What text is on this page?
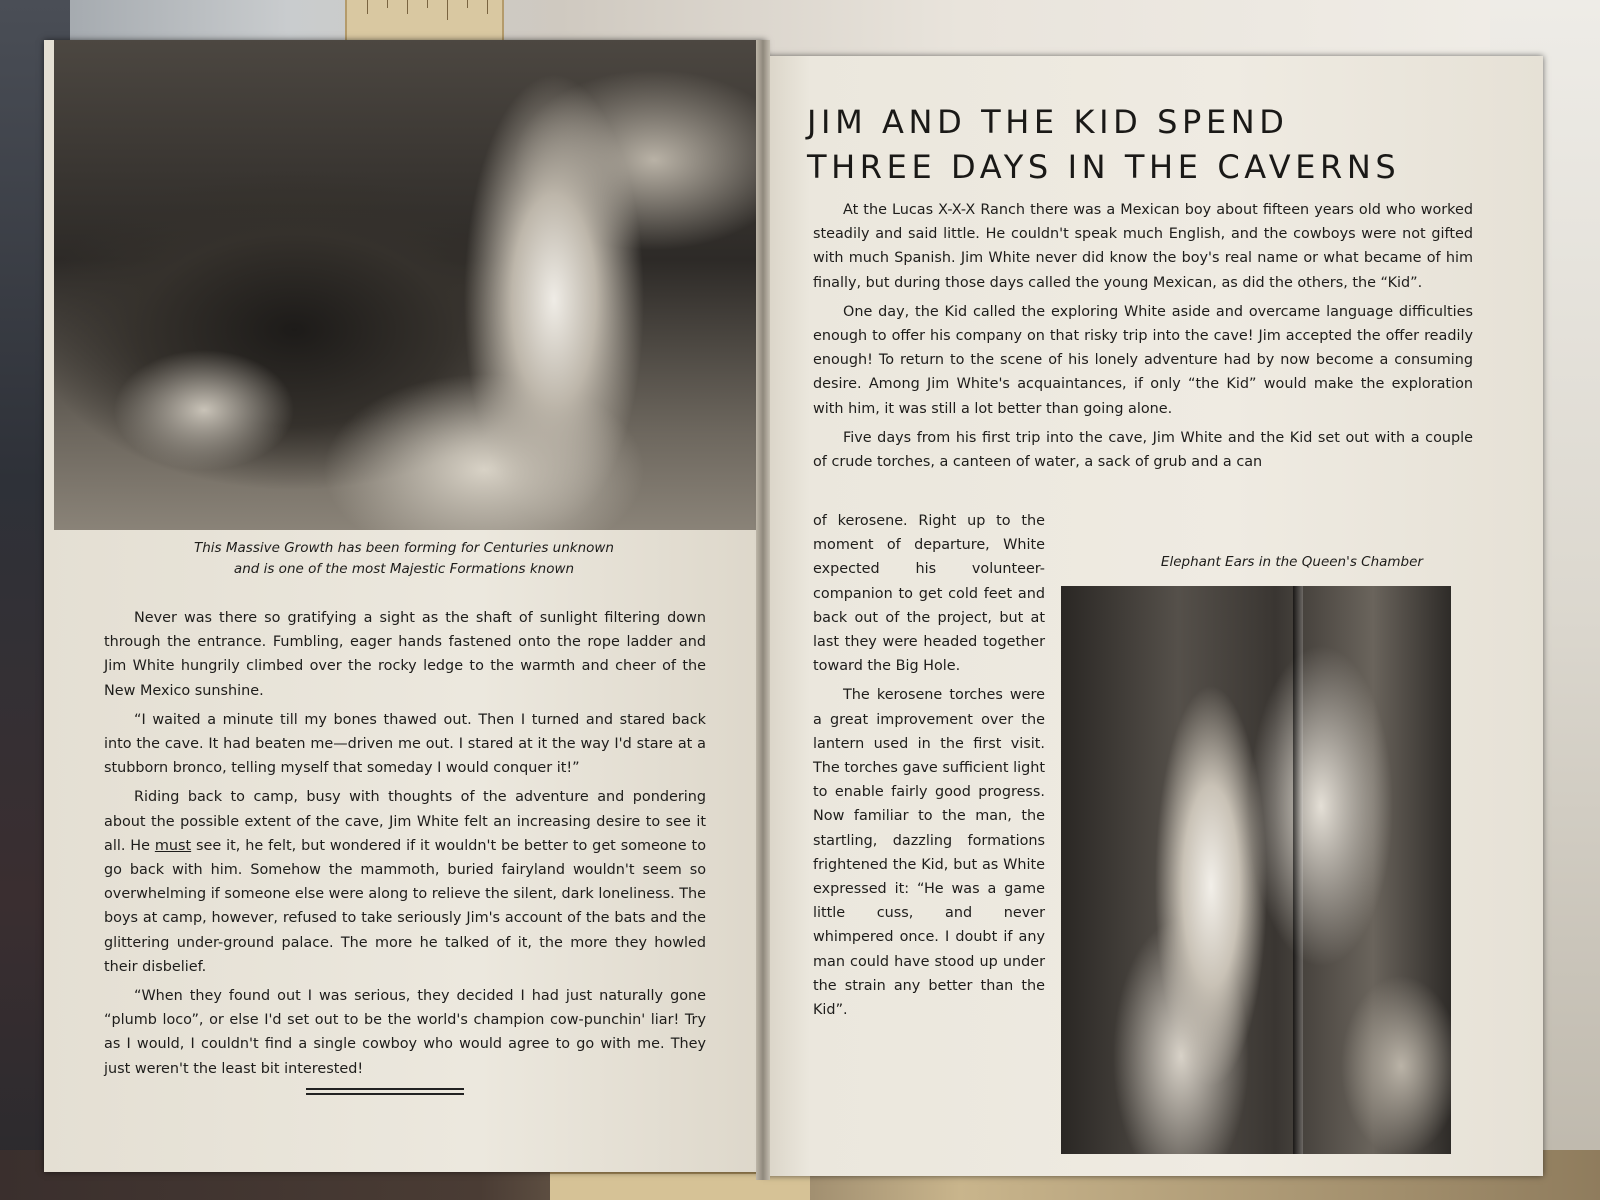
This Massive Growth has been forming for Centuries unknown
and is one of the most Majestic Formations known

Never was there so gratifying a sight as the shaft of sunlight filtering down through the entrance. Fumbling, eager hands fastened onto the rope ladder and Jim White hungrily climbed over the rocky ledge to the warmth and cheer of the New Mexico sunshine.

“I waited a minute till my bones thawed out. Then I turned and stared back into the cave. It had beaten me—driven me out. I stared at it the way I'd stare at a stubborn bronco, telling myself that someday I would conquer it!”

Riding back to camp, busy with thoughts of the adventure and pondering about the possible extent of the cave, Jim White felt an increasing desire to see it all. He must see it, he felt, but wondered if it wouldn't be better to get someone to go back with him. Somehow the mammoth, buried fairyland wouldn't seem so overwhelming if someone else were along to relieve the silent, dark loneliness. The boys at camp, however, refused to take seriously Jim's account of the bats and the glittering under-ground palace. The more he talked of it, the more they howled their disbelief.

“When they found out I was serious, they decided I had just naturally gone “plumb loco”, or else I'd set out to be the world's champion cow-punchin' liar! Try as I would, I couldn't find a single cowboy who would agree to go with me. They just weren't the least bit interested!

JIM AND THE KID SPEND
THREE DAYS IN THE CAVERNS

At the Lucas X-X-X Ranch there was a Mexican boy about fifteen years old who worked steadily and said little. He couldn't speak much English, and the cowboys were not gifted with much Spanish. Jim White never did know the boy's real name or what became of him finally, but during those days called the young Mexican, as did the others, the “Kid”.

One day, the Kid called the exploring White aside and overcame language difficulties enough to offer his company on that risky trip into the cave! Jim accepted the offer readily enough! To return to the scene of his lonely adventure had by now become a consuming desire. Among Jim White's acquaintances, if only “the Kid” would make the exploration with him, it was still a lot better than going alone.

Five days from his first trip into the cave, Jim White and the Kid set out with a couple of crude torches, a canteen of water, a sack of grub and a can

of kerosene. Right up to the moment of departure, White expected his volunteer-companion to get cold feet and back out of the project, but at last they were headed together toward the Big Hole.

The kerosene torches were a great improvement over the lantern used in the first visit. The torches gave sufficient light to enable fairly good progress. Now familiar to the man, the startling, dazzling formations frightened the Kid, but as White expressed it: “He was a game little cuss, and never whimpered once. I doubt if any man could have stood up under the strain any better than the Kid”.

Elephant Ears in the Queen's Chamber
